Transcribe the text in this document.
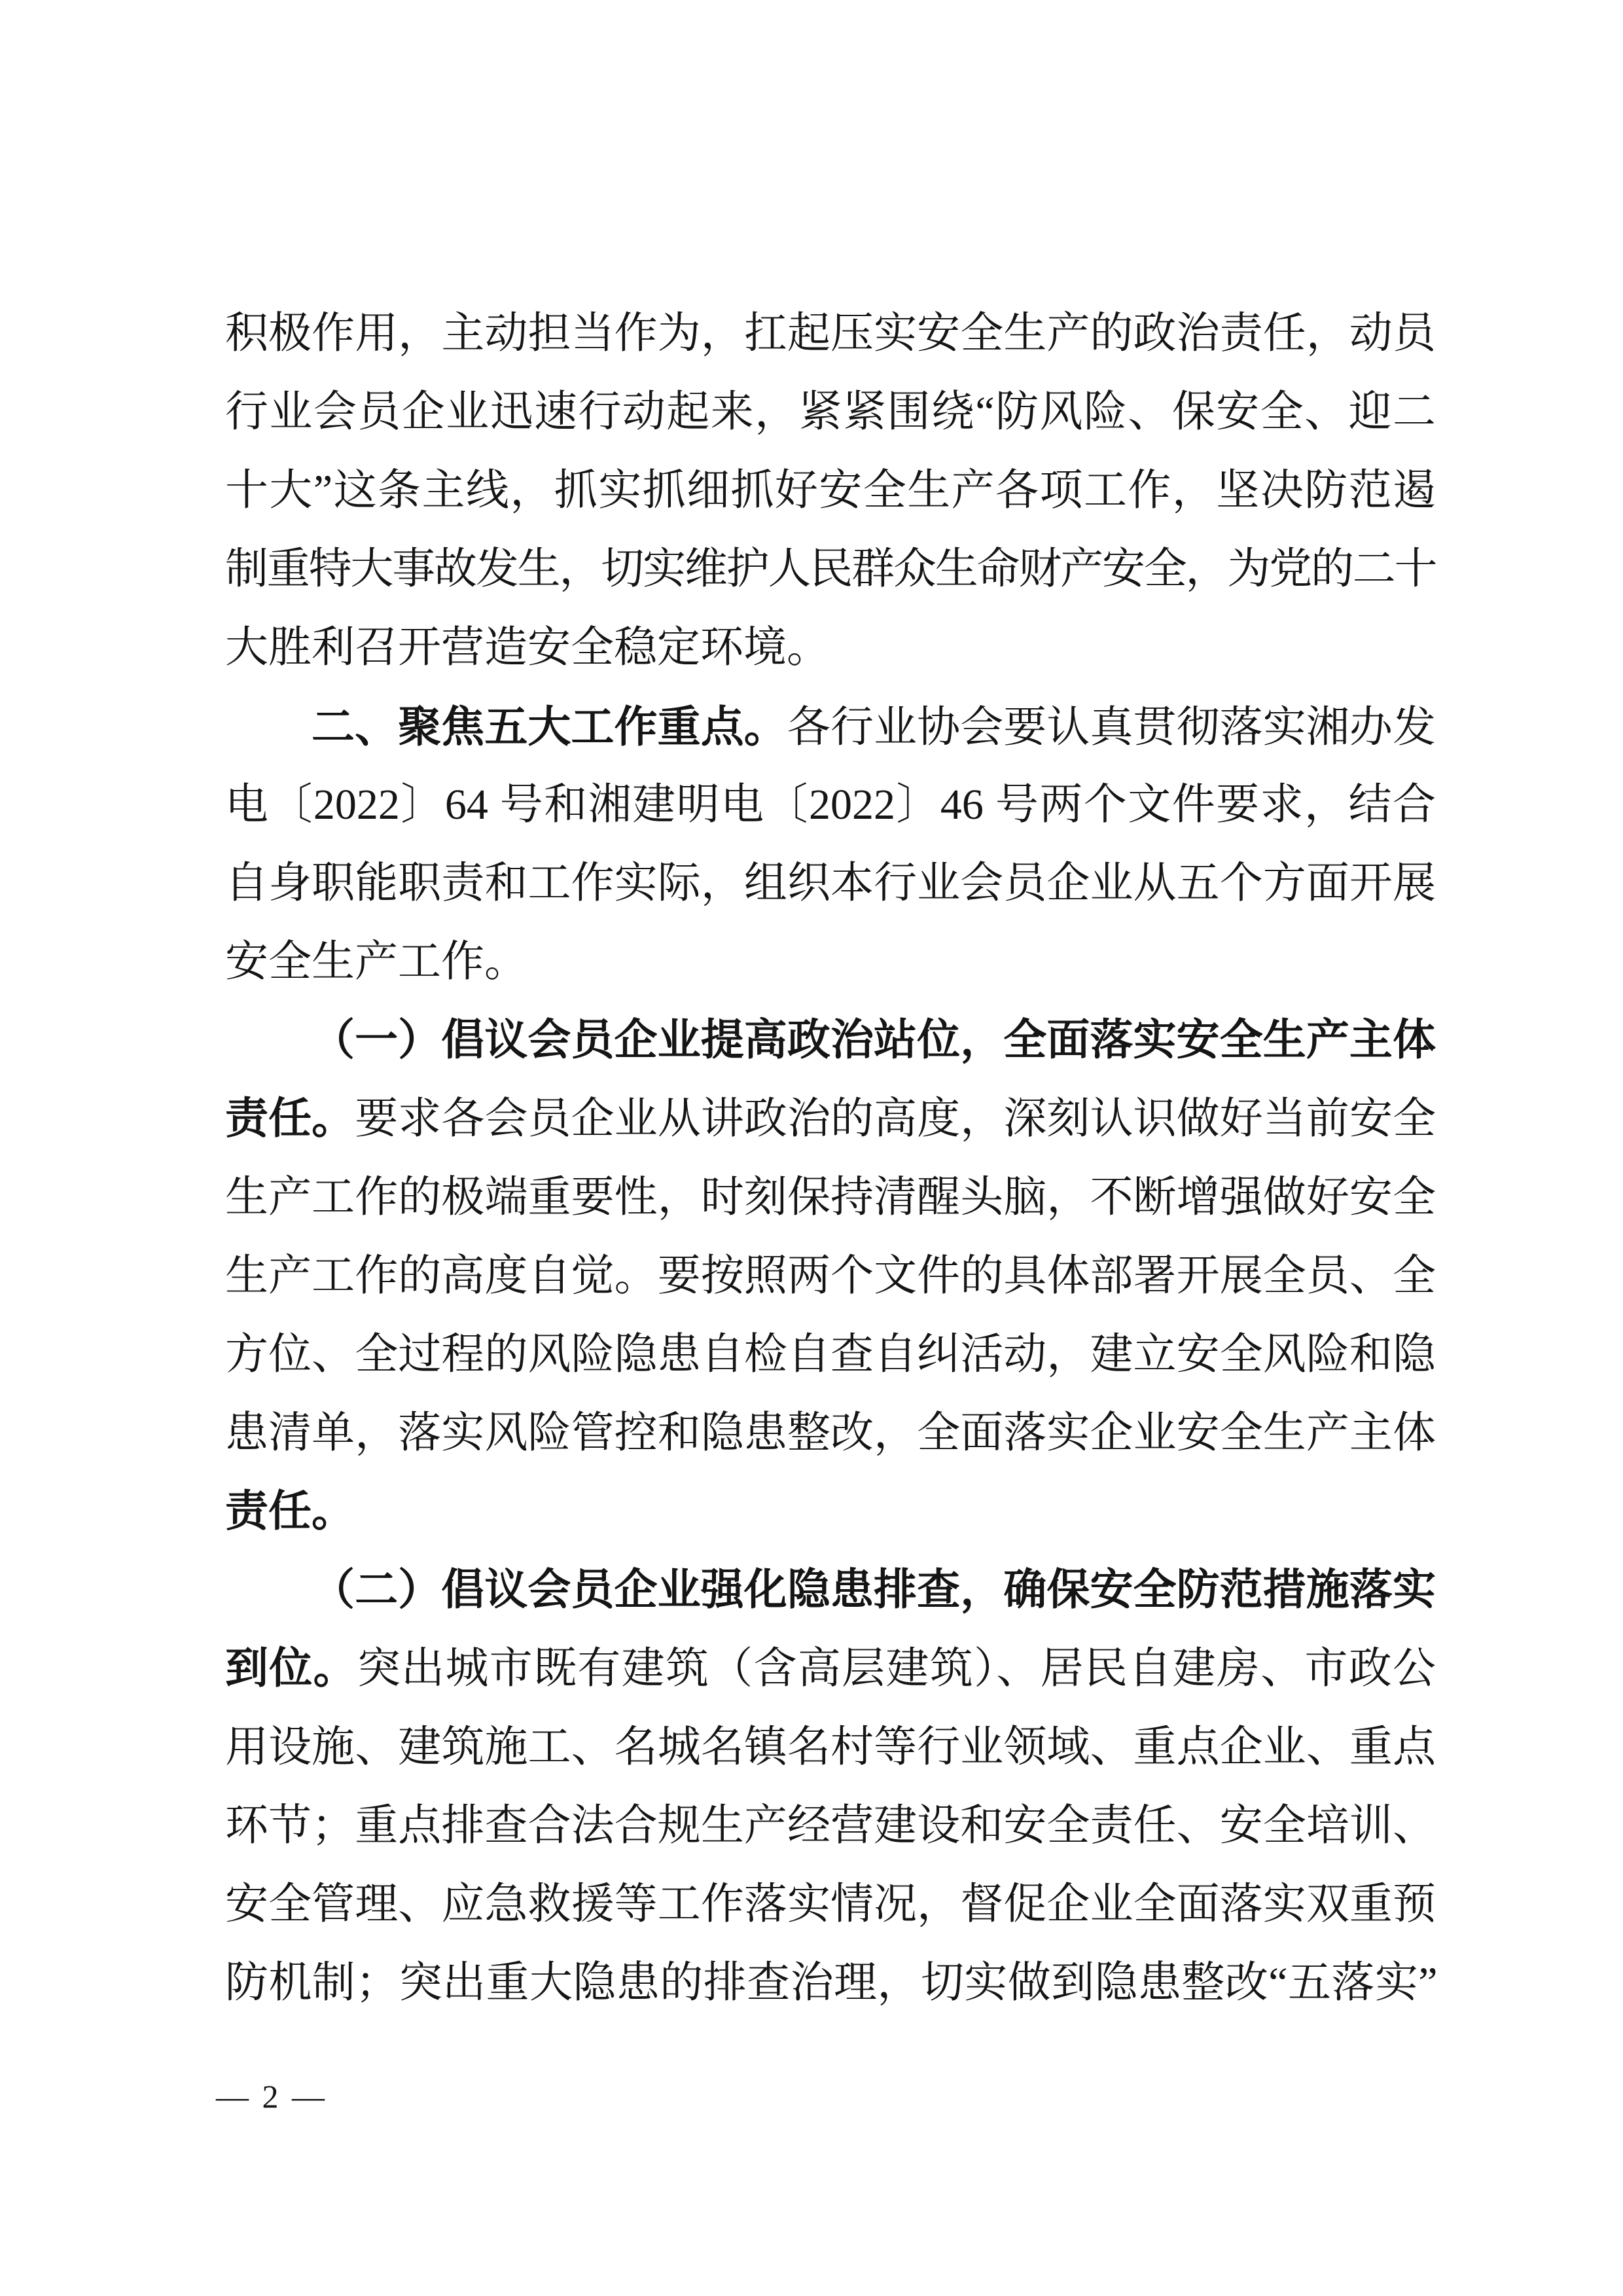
积极作用，主动担当作为，扛起压实安全生产的政治责任，动员
行业会员企业迅速行动起来，紧紧围绕“防风险、保安全、迎二
十大”这条主线，抓实抓细抓好安全生产各项工作，坚决防范遏
制重特大事故发生，切实维护人民群众生命财产安全，为党的二十
大胜利召开营造安全稳定环境。
二、聚焦五大工作重点。各行业协会要认真贯彻落实湘办发
电〔2022〕64 号和湘建明电〔2022〕46 号两个文件要求，结合
自身职能职责和工作实际，组织本行业会员企业从五个方面开展
安全生产工作。
（一）倡议会员企业提高政治站位，全面落实安全生产主体
责任。要求各会员企业从讲政治的高度，深刻认识做好当前安全
生产工作的极端重要性，时刻保持清醒头脑，不断增强做好安全
生产工作的高度自觉。要按照两个文件的具体部署开展全员、全
方位、全过程的风险隐患自检自查自纠活动，建立安全风险和隐
患清单，落实风险管控和隐患整改，全面落实企业安全生产主体
责任。
（二）倡议会员企业强化隐患排查，确保安全防范措施落实
到位。突出城市既有建筑（含高层建筑）、居民自建房、市政公
用设施、建筑施工、名城名镇名村等行业领域、重点企业、重点
环节；重点排查合法合规生产经营建设和安全责任、安全培训、
安全管理、应急救援等工作落实情况，督促企业全面落实双重预
防机制；突出重大隐患的排查治理，切实做到隐患整改“五落实”
— 2 —
